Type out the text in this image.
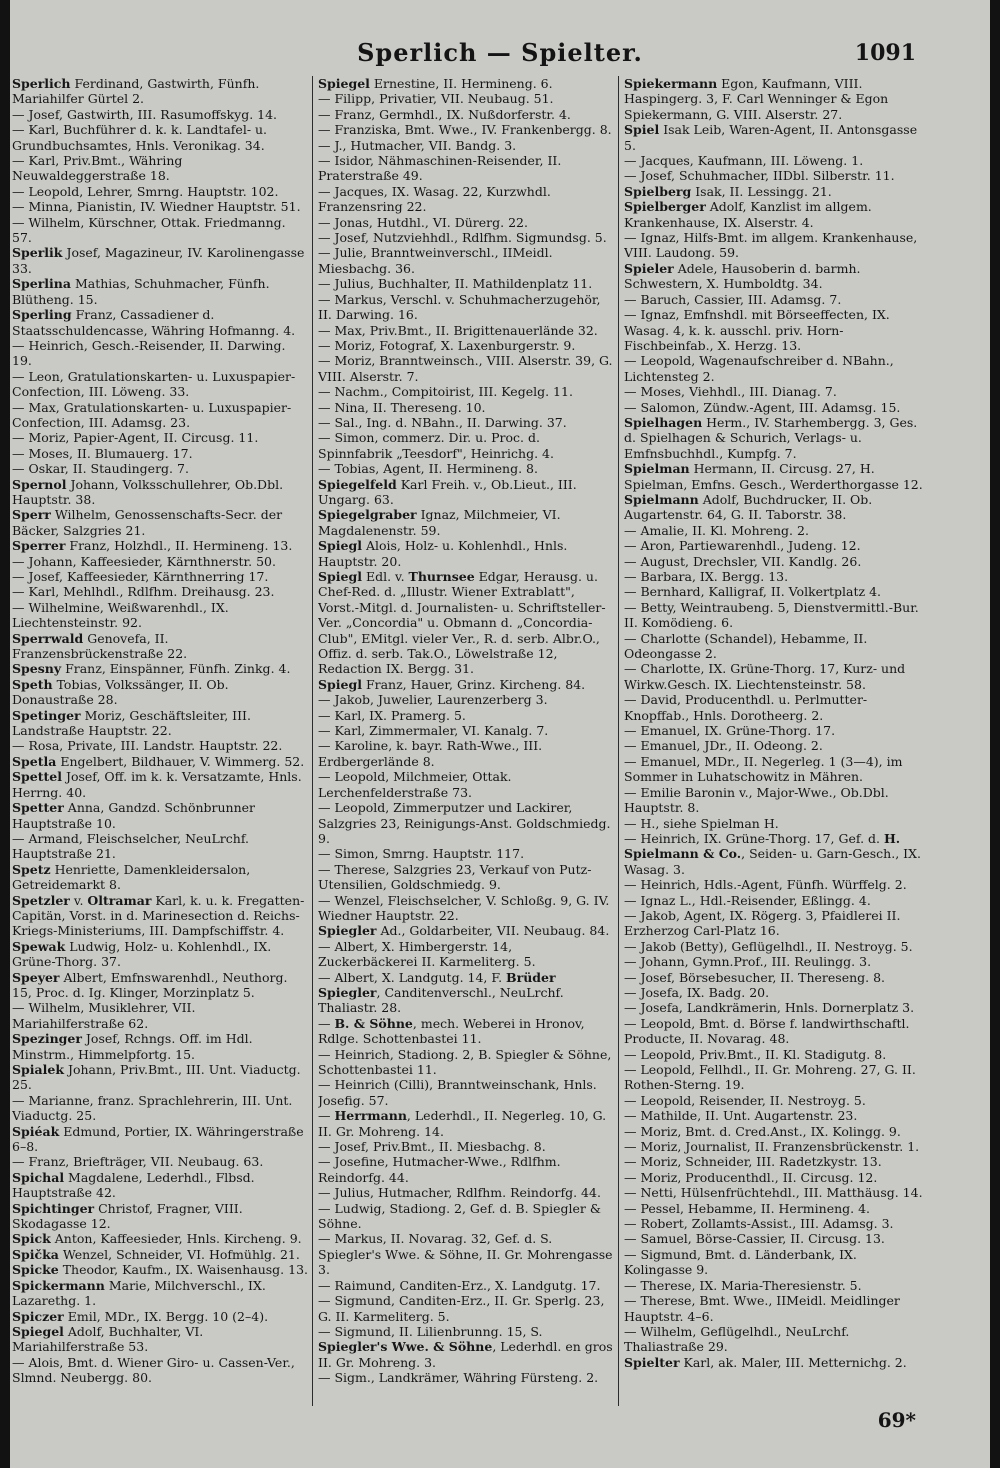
Sperlich — Spielter.	1091
Sperlich Ferdinand, Gastwirth, Fünfh. Mariahilfer Gürtel 2.
— Josef, Gastwirth, III. Rasumoffskyg. 14.
— Karl, Buchführer d. k. k. Landtafel- u. Grundbuchsamtes, Hnls. Veronikag. 34.
— Karl, Priv.Bmt., Währing Neuwaldeggerstraße 18.
— Leopold, Lehrer, Smrng. Hauptstr. 102.
— Minna, Pianistin, IV. Wiedner Hauptstr. 51.
— Wilhelm, Kürschner, Ottak. Friedmanng. 57.
Sperlik Josef, Magazineur, IV. Karolinengasse 33.
Sperlina Mathias, Schuhmacher, Fünfh. Blütheng. 15.
Sperling Franz, Cassadiener d. Staatsschuldencasse, Währing Hofmanng. 4.
— Heinrich, Gesch.-Reisender, II. Darwing. 19.
— Leon, Gratulationskarten- u. Luxuspapier-Confection, III. Löweng. 33.
— Max, Gratulationskarten- u. Luxuspapier-Confection, III. Adamsg. 23.
— Moriz, Papier-Agent, II. Circusg. 11.
— Moses, II. Blumauerg. 17.
— Oskar, II. Staudingerg. 7.
Spernol Johann, Volksschullehrer, Ob.Dbl. Hauptstr. 38.
Sperr Wilhelm, Genossenschafts-Secr. der Bäcker, Salzgries 21.
Sperrer Franz, Holzhdl., II. Hermineng. 13.
— Johann, Kaffeesieder, Kärnthnerstr. 50.
— Josef, Kaffeesieder, Kärnthnerring 17.
— Karl, Mehlhdl., Rdlfhm. Dreihausg. 23.
— Wilhelmine, Weißwarenhdl., IX. Liechtensteinstr. 92.
Sperrwald Genovefa, II. Franzensbrückenstraße 22.
Spesny Franz, Einspänner, Fünfh. Zinkg. 4.
Speth Tobias, Volkssänger, II. Ob. Donaustraße 28.
Spetinger Moriz, Geschäftsleiter, III. Landstraße Hauptstr. 22.
— Rosa, Private, III. Landstr. Hauptstr. 22.
Spetla Engelbert, Bildhauer, V. Wimmerg. 52.
Spettel Josef, Off. im k. k. Versatzamte, Hnls. Herrng. 40.
Spetter Anna, Gandzd. Schönbrunner Hauptstraße 10.
— Armand, Fleischselcher, NeuLrchf. Hauptstraße 21.
Spetz Henriette, Damenkleidersalon, Getreidemarkt 8.
Spetzler v. Oltramar Karl, k. u. k. Fregatten-Capitän, Vorst. in d. Marinesection d. Reichs-Kriegs-Ministeriums, III. Dampfschiffstr. 4.
Spewak Ludwig, Holz- u. Kohlenhdl., IX. Grüne-Thorg. 37.
Speyer Albert, Emfnswarenhdl., Neuthorg. 15, Proc. d. Ig. Klinger, Morzinplatz 5.
— Wilhelm, Musiklehrer, VII. Mariahilferstraße 62.
Spezinger Josef, Rchngs. Off. im Hdl. Minstrm., Himmelpfortg. 15.
Spialek Johann, Priv.Bmt., III. Unt. Viaductg. 25.
— Marianne, franz. Sprachlehrerin, III. Unt. Viaductg. 25.
Spiéak Edmund, Portier, IX. Währingerstraße 6–8.
— Franz, Briefträger, VII. Neubaug. 63.
Spichal Magdalene, Lederhdl., Flbsd. Hauptstraße 42.
Spichtinger Christof, Fragner, VIII. Skodagasse 12.
Spick Anton, Kaffeesieder, Hnls. Kircheng. 9.
Spička Wenzel, Schneider, VI. Hofmühlg. 21.
Spicke Theodor, Kaufm., IX. Waisenhausg. 13.
Spickermann Marie, Milchverschl., IX. Lazarethg. 1.
Spiczer Emil, MDr., IX. Bergg. 10 (2–4).
Spiegel Adolf, Buchhalter, VI. Mariahilferstraße 53.
— Alois, Bmt. d. Wiener Giro- u. Cassen-Ver., Slmnd. Neubergg. 80.
Spiegel Ernestine, II. Hermineng. 6.
— Filipp, Privatier, VII. Neubaug. 51.
— Franz, Germhdl., IX. Nußdorferstr. 4.
— Franziska, Bmt. Wwe., IV. Frankenbergg. 8.
— J., Hutmacher, VII. Bandg. 3.
— Isidor, Nähmaschinen-Reisender, II. Praterstraße 49.
— Jacques, IX. Wasag. 22, Kurzwhdl. Franzensring 22.
— Jonas, Hutdhl., VI. Dürerg. 22.
— Josef, Nutzviehhdl., Rdlfhm. Sigmundsg. 5.
— Julie, Branntweinverschl., IIMeidl. Miesbachg. 36.
— Julius, Buchhalter, II. Mathildenplatz 11.
— Markus, Verschl. v. Schuhmacherzugehör, II. Darwing. 16.
— Max, Priv.Bmt., II. Brigittenauerlände 32.
— Moriz, Fotograf, X. Laxenburgerstr. 9.
— Moriz, Branntweinsch., VIII. Alserstr. 39, G. VIII. Alserstr. 7.
— Nachm., Compitoirist, III. Kegelg. 11.
— Nina, II. Thereseng. 10.
— Sal., Ing. d. NBahn., II. Darwing. 37.
— Simon, commerz. Dir. u. Proc. d. Spinnfabrik „Teesdorf", Heinrichg. 4.
— Tobias, Agent, II. Hermineng. 8.
Spiegelfeld Karl Freih. v., Ob.Lieut., III. Ungarg. 63.
Spiegelgraber Ignaz, Milchmeier, VI. Magdalenenstr. 59.
Spiegl Alois, Holz- u. Kohlenhdl., Hnls. Hauptstr. 20.
Spiegl Edl. v. Thurnsee Edgar, Herausg. u. Chef-Red. d. „Illustr. Wiener Extrablatt", Vorst.-Mitgl. d. Journalisten- u. Schriftsteller-Ver. „Concordia" u. Obmann d. „Concordia-Club", EMitgl. vieler Ver., R. d. serb. Albr.O., Offiz. d. serb. Tak.O., Löwelstraße 12, Redaction IX. Bergg. 31.
Spiegl Franz, Hauer, Grinz. Kircheng. 84.
— Jakob, Juwelier, Laurenzerberg 3.
— Karl, IX. Pramerg. 5.
— Karl, Zimmermaler, VI. Kanalg. 7.
— Karoline, k. bayr. Rath-Wwe., III. Erdbergerlände 8.
— Leopold, Milchmeier, Ottak. Lerchenfelderstraße 73.
— Leopold, Zimmerputzer und Lackirer, Salzgries 23, Reinigungs-Anst. Goldschmiedg. 9.
— Simon, Smrng. Hauptstr. 117.
— Therese, Salzgries 23, Verkauf von Putz-Utensilien, Goldschmiedg. 9.
— Wenzel, Fleischselcher, V. Schloßg. 9, G. IV. Wiedner Hauptstr. 22.
Spiegler Ad., Goldarbeiter, VII. Neubaug. 84.
— Albert, X. Himbergerstr. 14, Zuckerbäckerei II. Karmeliterg. 5.
— Albert, X. Landgutg. 14, F. Brüder Spiegler, Canditenverschl., NeuLrchf. Thaliastr. 28.
— B. & Söhne, mech. Weberei in Hronov, Rdlge. Schottenbastei 11.
— Heinrich, Stadiong. 2, B. Spiegler & Söhne, Schottenbastei 11.
— Heinrich (Cilli), Branntweinschank, Hnls. Josefig. 57.
— Herrmann, Lederhdl., II. Negerleg. 10, G. II. Gr. Mohreng. 14.
— Josef, Priv.Bmt., II. Miesbachg. 8.
— Josefine, Hutmacher-Wwe., Rdlfhm. Reindorfg. 44.
— Julius, Hutmacher, Rdlfhm. Reindorfg. 44.
— Ludwig, Stadiong. 2, Gef. d. B. Spiegler & Söhne.
— Markus, II. Novarag. 32, Gef. d. S. Spiegler's Wwe. & Söhne, II. Gr. Mohrengasse 3.
— Raimund, Canditen-Erz., X. Landgutg. 17.
— Sigmund, Canditen-Erz., II. Gr. Sperlg. 23, G. II. Karmeliterg. 5.
— Sigmund, II. Lilienbrunng. 15, S. Spiegler's Wwe. & Söhne, Lederhdl. en gros II. Gr. Mohreng. 3.
— Sigm., Landkrämer, Währing Fürsteng. 2.
Spiekermann Egon, Kaufmann, VIII. Haspingerg. 3, F. Carl Wenninger & Egon Spiekermann, G. VIII. Alserstr. 27.
Spiel Isak Leib, Waren-Agent, II. Antonsgasse 5.
— Jacques, Kaufmann, III. Löweng. 1.
— Josef, Schuhmacher, IIDbl. Silberstr. 11.
Spielberg Isak, II. Lessingg. 21.
Spielberger Adolf, Kanzlist im allgem. Krankenhause, IX. Alserstr. 4.
— Ignaz, Hilfs-Bmt. im allgem. Krankenhause, VIII. Laudong. 59.
Spieler Adele, Hausoberin d. barmh. Schwestern, X. Humboldtg. 34.
— Baruch, Cassier, III. Adamsg. 7.
— Ignaz, Emfnshdl. mit Börseeffecten, IX. Wasag. 4, k. k. ausschl. priv. Horn-Fischbeinfab., X. Herzg. 13.
— Leopold, Wagenaufschreiber d. NBahn., Lichtensteg 2.
— Moses, Viehhdl., III. Dianag. 7.
— Salomon, Zündw.-Agent, III. Adamsg. 15.
Spielhagen Herm., IV. Starhembergg. 3, Ges. d. Spielhagen & Schurich, Verlags- u. Emfnsbuchhdl., Kumpfg. 7.
Spielman Hermann, II. Circusg. 27, H. Spielman, Emfns. Gesch., Werderthorgasse 12.
Spielmann Adolf, Buchdrucker, II. Ob. Augartenstr. 64, G. II. Taborstr. 38.
— Amalie, II. Kl. Mohreng. 2.
— Aron, Partiewarenhdl., Judeng. 12.
— August, Drechsler, VII. Kandlg. 26.
— Barbara, IX. Bergg. 13.
— Bernhard, Kalligraf, II. Volkertplatz 4.
— Betty, Weintraubeng. 5, Dienstvermittl.-Bur. II. Komödieng. 6.
— Charlotte (Schandel), Hebamme, II. Odeongasse 2.
— Charlotte, IX. Grüne-Thorg. 17, Kurz- und Wirkw.Gesch. IX. Liechtensteinstr. 58.
— David, Producenthdl. u. Perlmutter-Knopffab., Hnls. Dorotheerg. 2.
— Emanuel, IX. Grüne-Thorg. 17.
— Emanuel, JDr., II. Odeong. 2.
— Emanuel, MDr., II. Negerleg. 1 (3—4), im Sommer in Luhatschowitz in Mähren.
— Emilie Baronin v., Major-Wwe., Ob.Dbl. Hauptstr. 8.
— H., siehe Spielman H.
— Heinrich, IX. Grüne-Thorg. 17, Gef. d. H. Spielmann & Co., Seiden- u. Garn-Gesch., IX. Wasag. 3.
— Heinrich, Hdls.-Agent, Fünfh. Würffelg. 2.
— Ignaz L., Hdl.-Reisender, Eßlingg. 4.
— Jakob, Agent, IX. Rögerg. 3, Pfaidlerei II. Erzherzog Carl-Platz 16.
— Jakob (Betty), Geflügelhdl., II. Nestroyg. 5.
— Johann, Gymn.Prof., III. Reulingg. 3.
— Josef, Börsebesucher, II. Thereseng. 8.
— Josefa, IX. Badg. 20.
— Josefa, Landkrämerin, Hnls. Dornerplatz 3.
— Leopold, Bmt. d. Börse f. landwirthschaftl. Producte, II. Novarag. 48.
— Leopold, Priv.Bmt., II. Kl. Stadigutg. 8.
— Leopold, Fellhdl., II. Gr. Mohreng. 27, G. II. Rothen-Sterng. 19.
— Leopold, Reisender, II. Nestroyg. 5.
— Mathilde, II. Unt. Augartenstr. 23.
— Moriz, Bmt. d. Cred.Anst., IX. Kolingg. 9.
— Moriz, Journalist, II. Franzensbrückenstr. 1.
— Moriz, Schneider, III. Radetzkystr. 13.
— Moriz, Producenthdl., II. Circusg. 12.
— Netti, Hülsenfrüchtehdl., III. Matthäusg. 14.
— Pessel, Hebamme, II. Hermineng. 4.
— Robert, Zollamts-Assist., III. Adamsg. 3.
— Samuel, Börse-Cassier, II. Circusg. 13.
— Sigmund, Bmt. d. Länderbank, IX. Kolingasse 9.
— Therese, IX. Maria-Theresienstr. 5.
— Therese, Bmt. Wwe., IIMeidl. Meidlinger Hauptstr. 4–6.
— Wilhelm, Geflügelhdl., NeuLrchf. Thaliastraße 29.
Spielter Karl, ak. Maler, III. Metternichg. 2.
69*
